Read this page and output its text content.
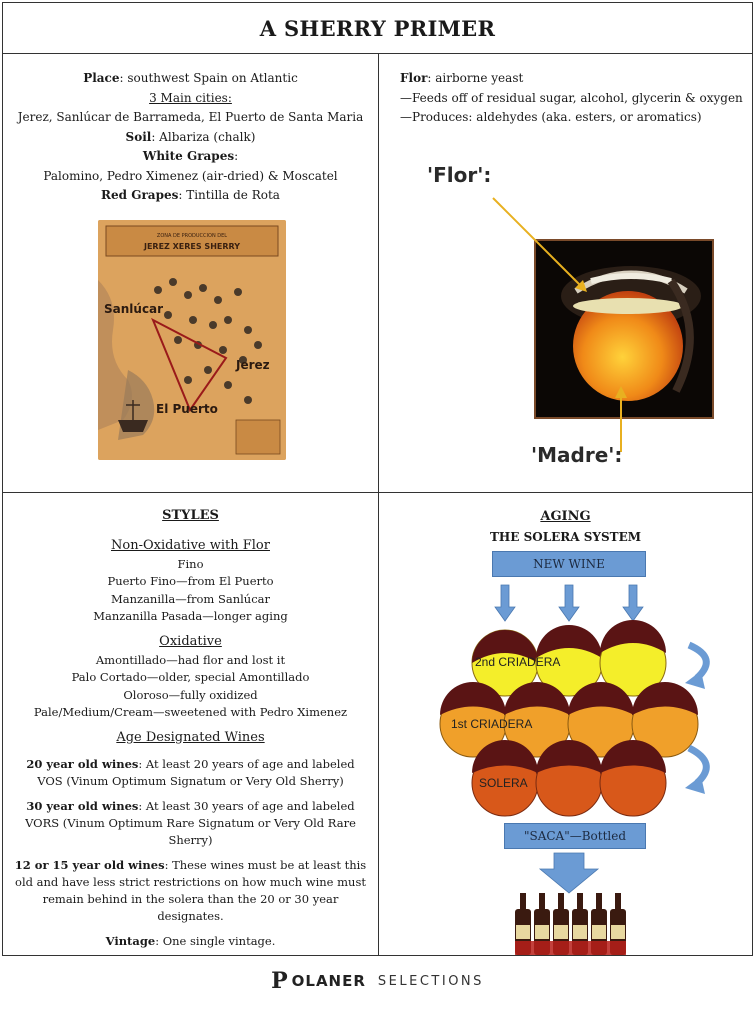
A SHERRY PRIMER
Place: southwest Spain on Atlantic
3 Main cities:
Jerez, Sanlúcar de Barrameda, El Puerto de Santa Maria
Soil: Albariza (chalk)
White Grapes:
Palomino, Pedro Ximenez (air-dried) & Moscatel
Red Grapes: Tintilla de Rota
ZONA DE PRODUCCION DEL
JEREZ XERES SHERRY
Sanlúcar
Jerez
El Puerto
Flor: airborne yeast
—Feeds off of residual sugar, alcohol, glycerin & oxygen
—Produces: aldehydes (aka. esters, or aromatics)
'Flor':
'Madre':
STYLES
Non-Oxidative with Flor
Fino
Puerto Fino—from El Puerto
Manzanilla—from Sanlúcar
Manzanilla Pasada—longer aging
Oxidative
Amontillado—had flor and lost it
Palo Cortado—older, special Amontillado
Oloroso—fully oxidized
Pale/Medium/Cream—sweetened with Pedro Ximenez
Age Designated Wines
20 year old wines: At least 20 years of age and labeled VOS (Vinum Optimum Signatum or Very Old Sherry)
30 year old wines: At least 30 years of age and labeled VORS (Vinum Optimum Rare Signatum or Very Old Rare Sherry)
12 or 15 year old wines: These wines must be at least this old and have less strict restrictions on how much wine must remain behind in the solera than the 20 or 30 year designates.
Vintage: One single vintage.
AGING
THE SOLERA SYSTEM
NEW WINE
2nd CRIADERA
1st CRIADERA
SOLERA
"SACA"—Bottled
P OLANER SELECTIONS
